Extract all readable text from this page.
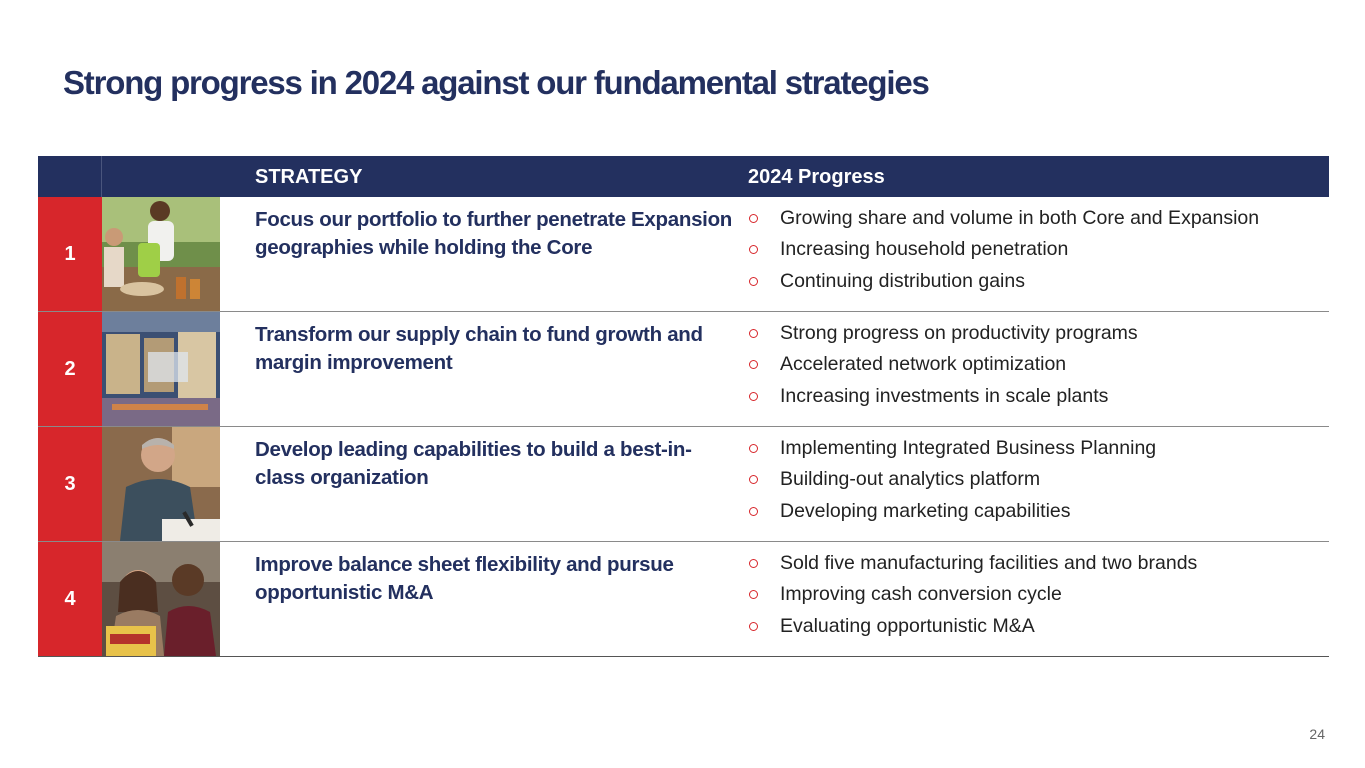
Strong progress in 2024 against our fundamental strategies
STRATEGY	2024 Progress
1
Focus our portfolio to further penetrate Expansion geographies while holding the Core
Growing share and volume in both Core and Expansion
Increasing household penetration
Continuing distribution gains
2
Transform our supply chain to fund growth and margin improvement
Strong progress on productivity programs
Accelerated network optimization
Increasing investments in scale plants
3
Develop leading capabilities to build a best-in-class organization
Implementing Integrated Business Planning
Building-out analytics platform
Developing marketing capabilities
4
Improve balance sheet flexibility and pursue opportunistic M&A
Sold five manufacturing facilities and two brands
Improving cash conversion cycle
Evaluating opportunistic M&A
24
